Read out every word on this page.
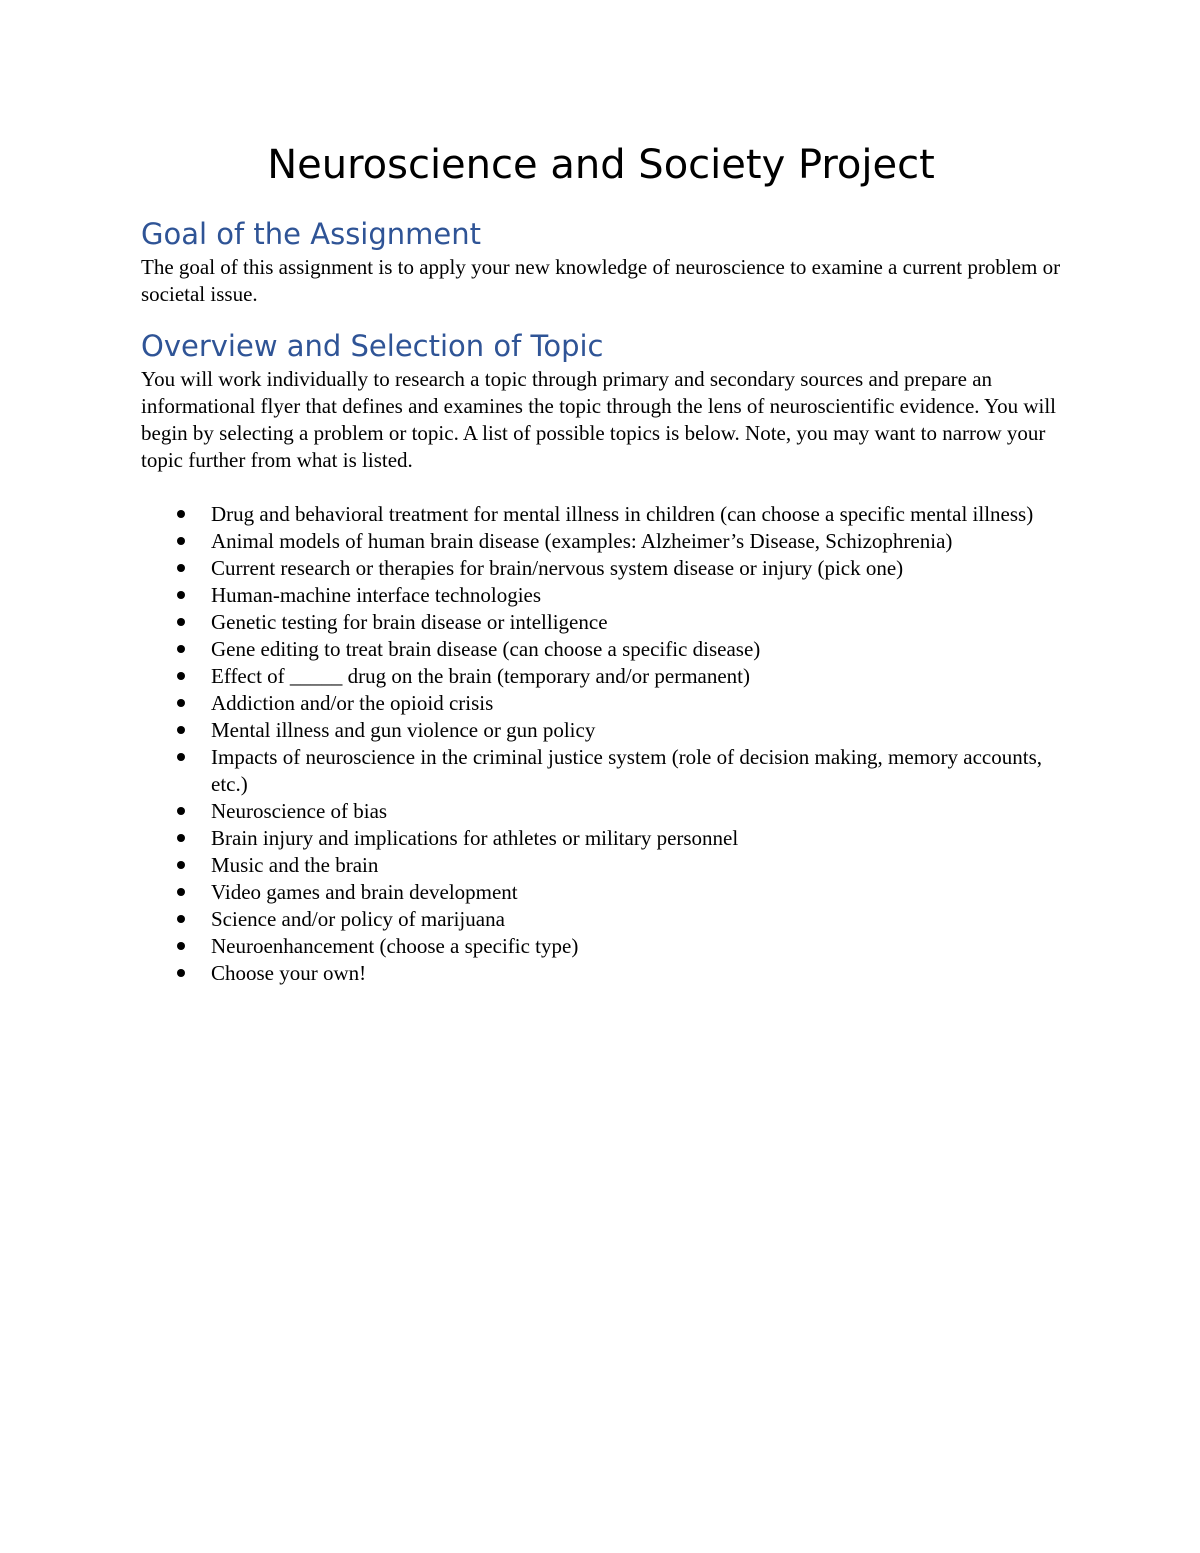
Neuroscience and Society Project
Goal of the Assignment

The goal of this assignment is to apply your new knowledge of neuroscience to examine a current problem or societal issue.

Overview and Selection of Topic

You will work individually to research a topic through primary and secondary sources and prepare an informational flyer that defines and examines the topic through the lens of neuroscientific evidence. You will begin by selecting a problem or topic. A list of possible topics is below. Note, you may want to narrow your topic further from what is listed.

Drug and behavioral treatment for mental illness in children (can choose a specific mental illness)
Animal models of human brain disease (examples: Alzheimer’s Disease, Schizophrenia)
Current research or therapies for brain/nervous system disease or injury (pick one)
Human-machine interface technologies
Genetic testing for brain disease or intelligence
Gene editing to treat brain disease (can choose a specific disease)
Effect of _____ drug on the brain (temporary and/or permanent)
Addiction and/or the opioid crisis
Mental illness and gun violence or gun policy
Impacts of neuroscience in the criminal justice system (role of decision making, memory accounts, etc.)
Neuroscience of bias
Brain injury and implications for athletes or military personnel
Music and the brain
Video games and brain development
Science and/or policy of marijuana
Neuroenhancement (choose a specific type)
Choose your own!
